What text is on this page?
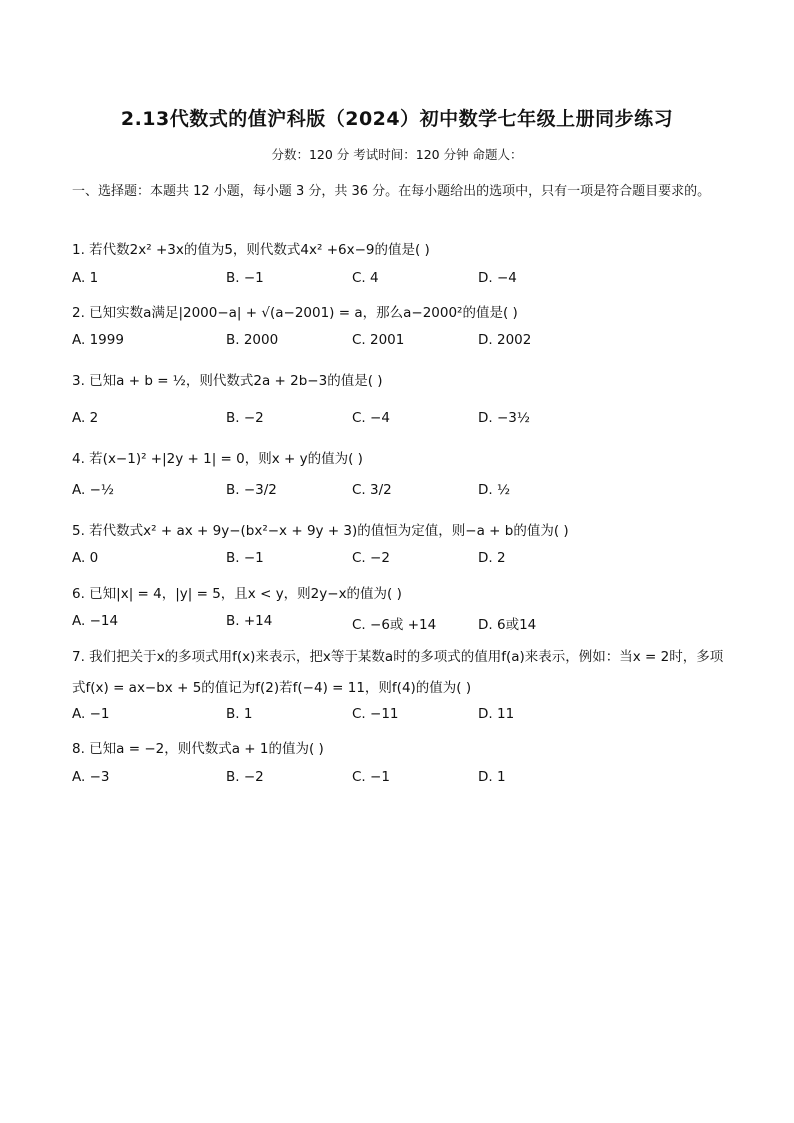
2.13代数式的值沪科版（2024）初中数学七年级上册同步练习
分数：120 分 考试时间：120 分钟 命题人：
一、选择题：本题共 12 小题，每小题 3 分，共 36 分。在每小题给出的选项中，只有一项是符合题目要求的。
1. 若代数2x² +3x的值为5，则代数式4x² +6x−9的值是( )
A. 1	B. −1	C. 4	D. −4
2. 已知实数a满足|2000−a| + √(a−2001) = a，那么a−2000²的值是( )
A. 1999	B. 2000	C. 2001	D. 2002
3. 已知a + b = ½，则代数式2a + 2b−3的值是( )
A. 2	B. −2	C. −4	D. −3½
4. 若(x−1)² +|2y + 1| = 0，则x + y的值为( )
A. −½	B. −3/2	C. 3/2	D. ½
5. 若代数式x² + ax + 9y−(bx²−x + 9y + 3)的值恒为定值，则−a + b的值为( )
A. 0	B. −1	C. −2	D. 2
6. 已知|x| = 4，|y| = 5，且x < y，则2y−x的值为( )
A. −14	B. +14	C. −6或 +14	D. 6或14
7. 我们把关于x的多项式用f(x)来表示，把x等于某数a时的多项式的值用f(a)来表示，例如：当x = 2时，多项式f(x) = ax−bx + 5的值记为f(2)若f(−4) = 11，则f(4)的值为( )
A. −1	B. 1	C. −11	D. 11
8. 已知a = −2，则代数式a + 1的值为( )
A. −3	B. −2	C. −1	D. 1
